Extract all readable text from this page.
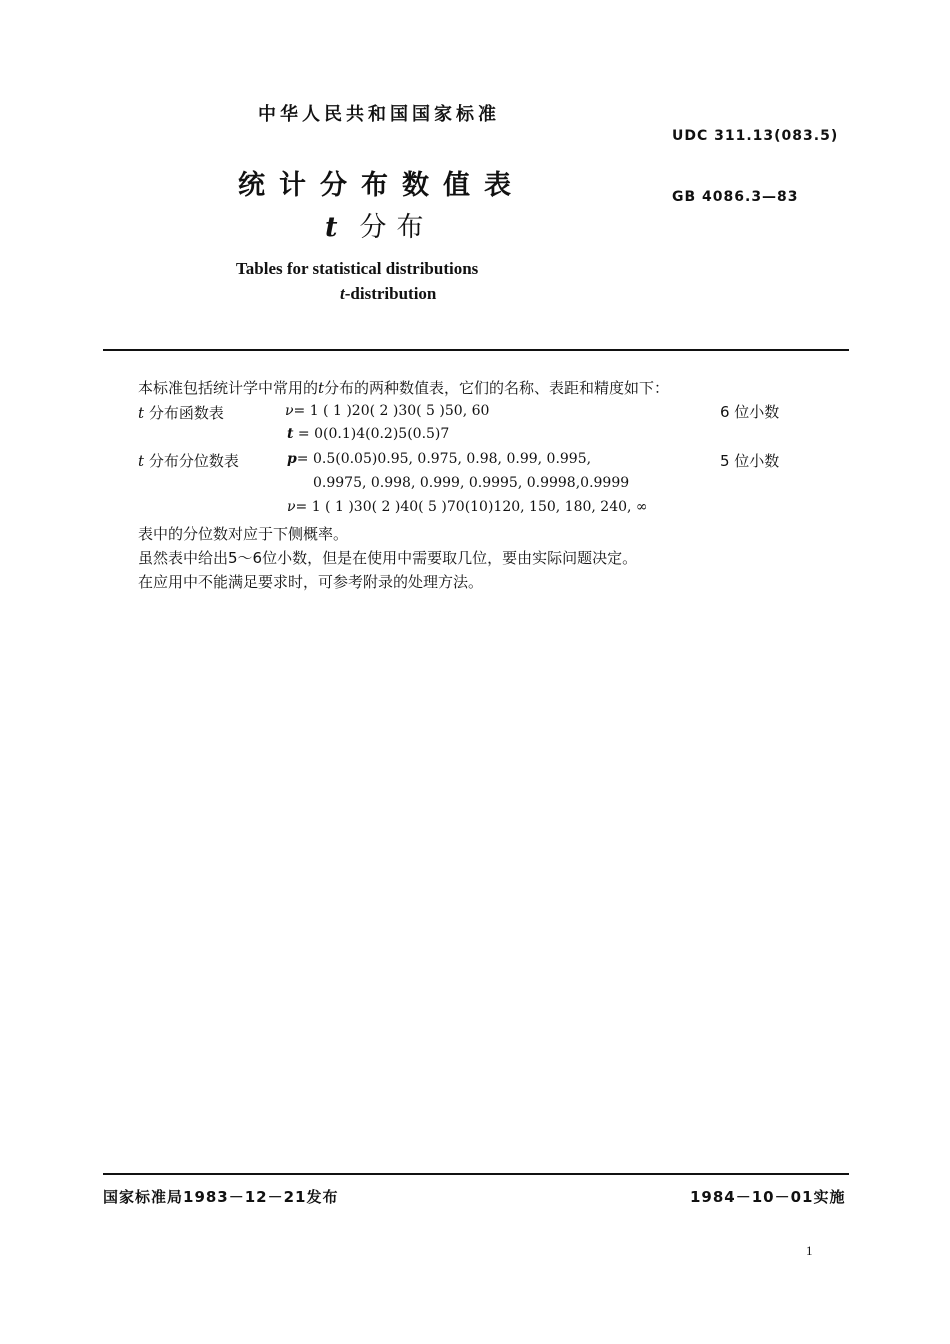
中华人民共和国国家标准
UDC 311.13(083.5)
统计分布数值表	GB 4086.3—83
t 分布
Tables for statistical distributions
t-distribution
本标准包括统计学中常用的t分布的两种数值表，它们的名称、表距和精度如下：
t 分布函数表	ν= 1 ( 1 )20( 2 )30( 5 )50, 60	6 位小数
t = 0(0.1)4(0.2)5(0.5)7
t 分布分位数表	p= 0.5(0.05)0.95, 0.975, 0.98, 0.99, 0.995,	5 位小数
0.9975, 0.998, 0.999, 0.9995, 0.9998,0.9999
ν= 1 ( 1 )30( 2 )40( 5 )70(10)120, 150, 180, 240, ∞
表中的分位数对应于下侧概率。
虽然表中给出5～6位小数，但是在使用中需要取几位，要由实际问题决定。
在应用中不能满足要求时，可参考附录的处理方法。
国家标准局1983－12－21发布	1984－10－01实施
1
